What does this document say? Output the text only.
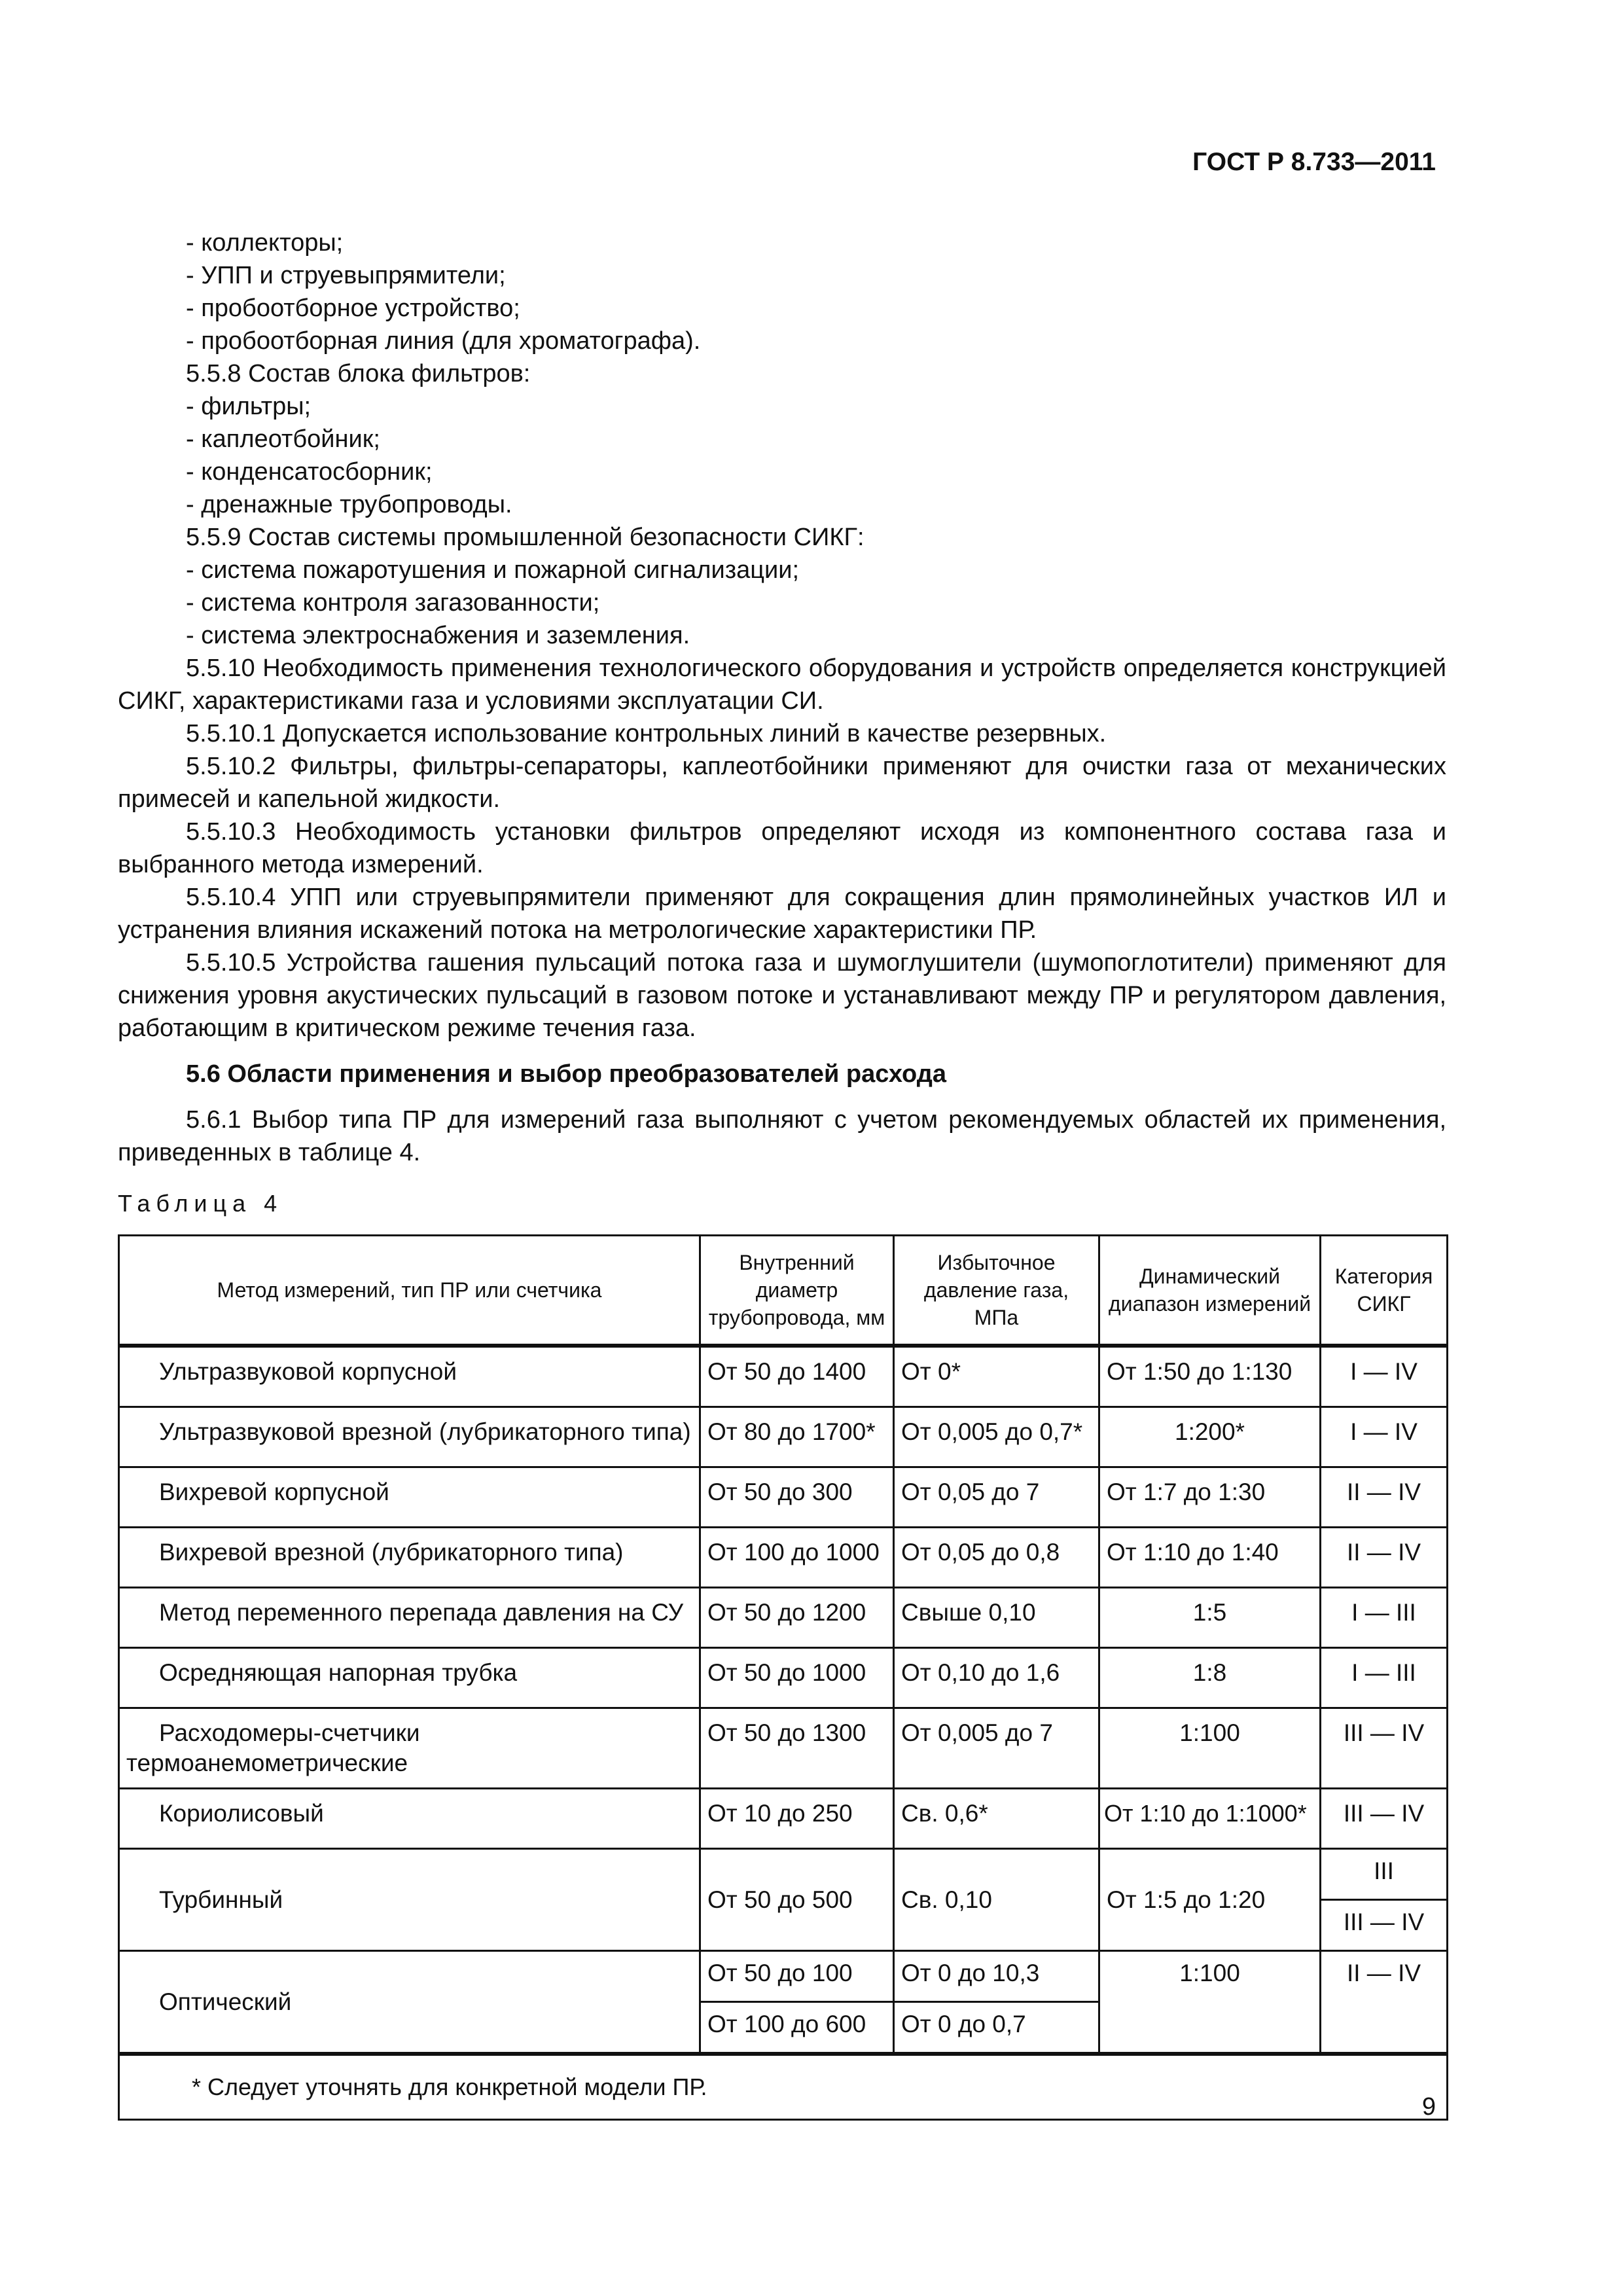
ГОСТ Р 8.733—2011

- коллекторы;

- УПП и струевыпрямители;

- пробоотборное устройство;

- пробоотборная линия (для хроматографа).

5.5.8 Состав блока фильтров:

- фильтры;

- каплеотбойник;

- конденсатосборник;

- дренажные трубопроводы.

5.5.9 Состав системы промышленной безопасности СИКГ:

- система пожаротушения и пожарной сигнализации;

- система контроля загазованности;

- система электроснабжения и заземления.

5.5.10 Необходимость применения технологического оборудования и устройств определяется конструкцией СИКГ, характеристиками газа и условиями эксплуатации СИ.

5.5.10.1 Допускается использование контрольных линий в качестве резервных.

5.5.10.2 Фильтры, фильтры-сепараторы, каплеотбойники применяют для очистки газа от механических примесей и капельной жидкости.

5.5.10.3 Необходимость установки фильтров определяют исходя из компонентного состава газа и выбранного метода измерений.

5.5.10.4 УПП или струевыпрямители применяют для сокращения длин прямолинейных участков ИЛ и устранения влияния искажений потока на метрологические характеристики ПР.

5.5.10.5 Устройства гашения пульсаций потока газа и шумоглушители (шумопоглотители) применяют для снижения уровня акустических пульсаций в газовом потоке и устанавливают между ПР и регулятором давления, работающим в критическом режиме течения газа.

5.6 Области применения и выбор преобразователей расхода

5.6.1 Выбор типа ПР для измерений газа выполняют с учетом рекомендуемых областей их применения, приведенных в таблице 4.

Таблица 4

Метод измерений, тип ПР или счетчика	Внутренний диаметр трубопровода, мм	Избыточное давление газа, МПа	Динамический диапазон измерений	Категория СИКГ
Ультразвуковой корпусной	От 50 до 1400	От 0*	От 1:50 до 1:130	I — IV
Ультразвуковой врезной (лубрикаторного типа)	От 80 до 1700*	От 0,005 до 0,7*	1:200*	I — IV
Вихревой корпусной	От 50 до 300	От 0,05 до 7	От 1:7 до 1:30	II — IV
Вихревой врезной (лубрикаторного типа)	От 100 до 1000	От 0,05 до 0,8	От 1:10 до 1:40	II — IV
Метод переменного перепада давления на СУ	От 50 до 1200	Свыше 0,10	1:5	I — III
Осредняющая напорная трубка	От 50 до 1000	От 0,10 до 1,6	1:8	I — III
Расходомеры-счетчики термоанемометрические	От 50 до 1300	От 0,005 до 7	1:100	III — IV
Кориолисовый	От 10 до 250	Св. 0,6*	От 1:10 до 1:1000*	III — IV
Турбинный	От 50 до 500	Св. 0,10	От 1:5 до 1:20	III
				III — IV
Оптический	От 50 до 100	От 0 до 10,3	1:100	II — IV
	От 100 до 600	От 0 до 0,7		
* Следует уточнять для конкретной модели ПР.				
9
